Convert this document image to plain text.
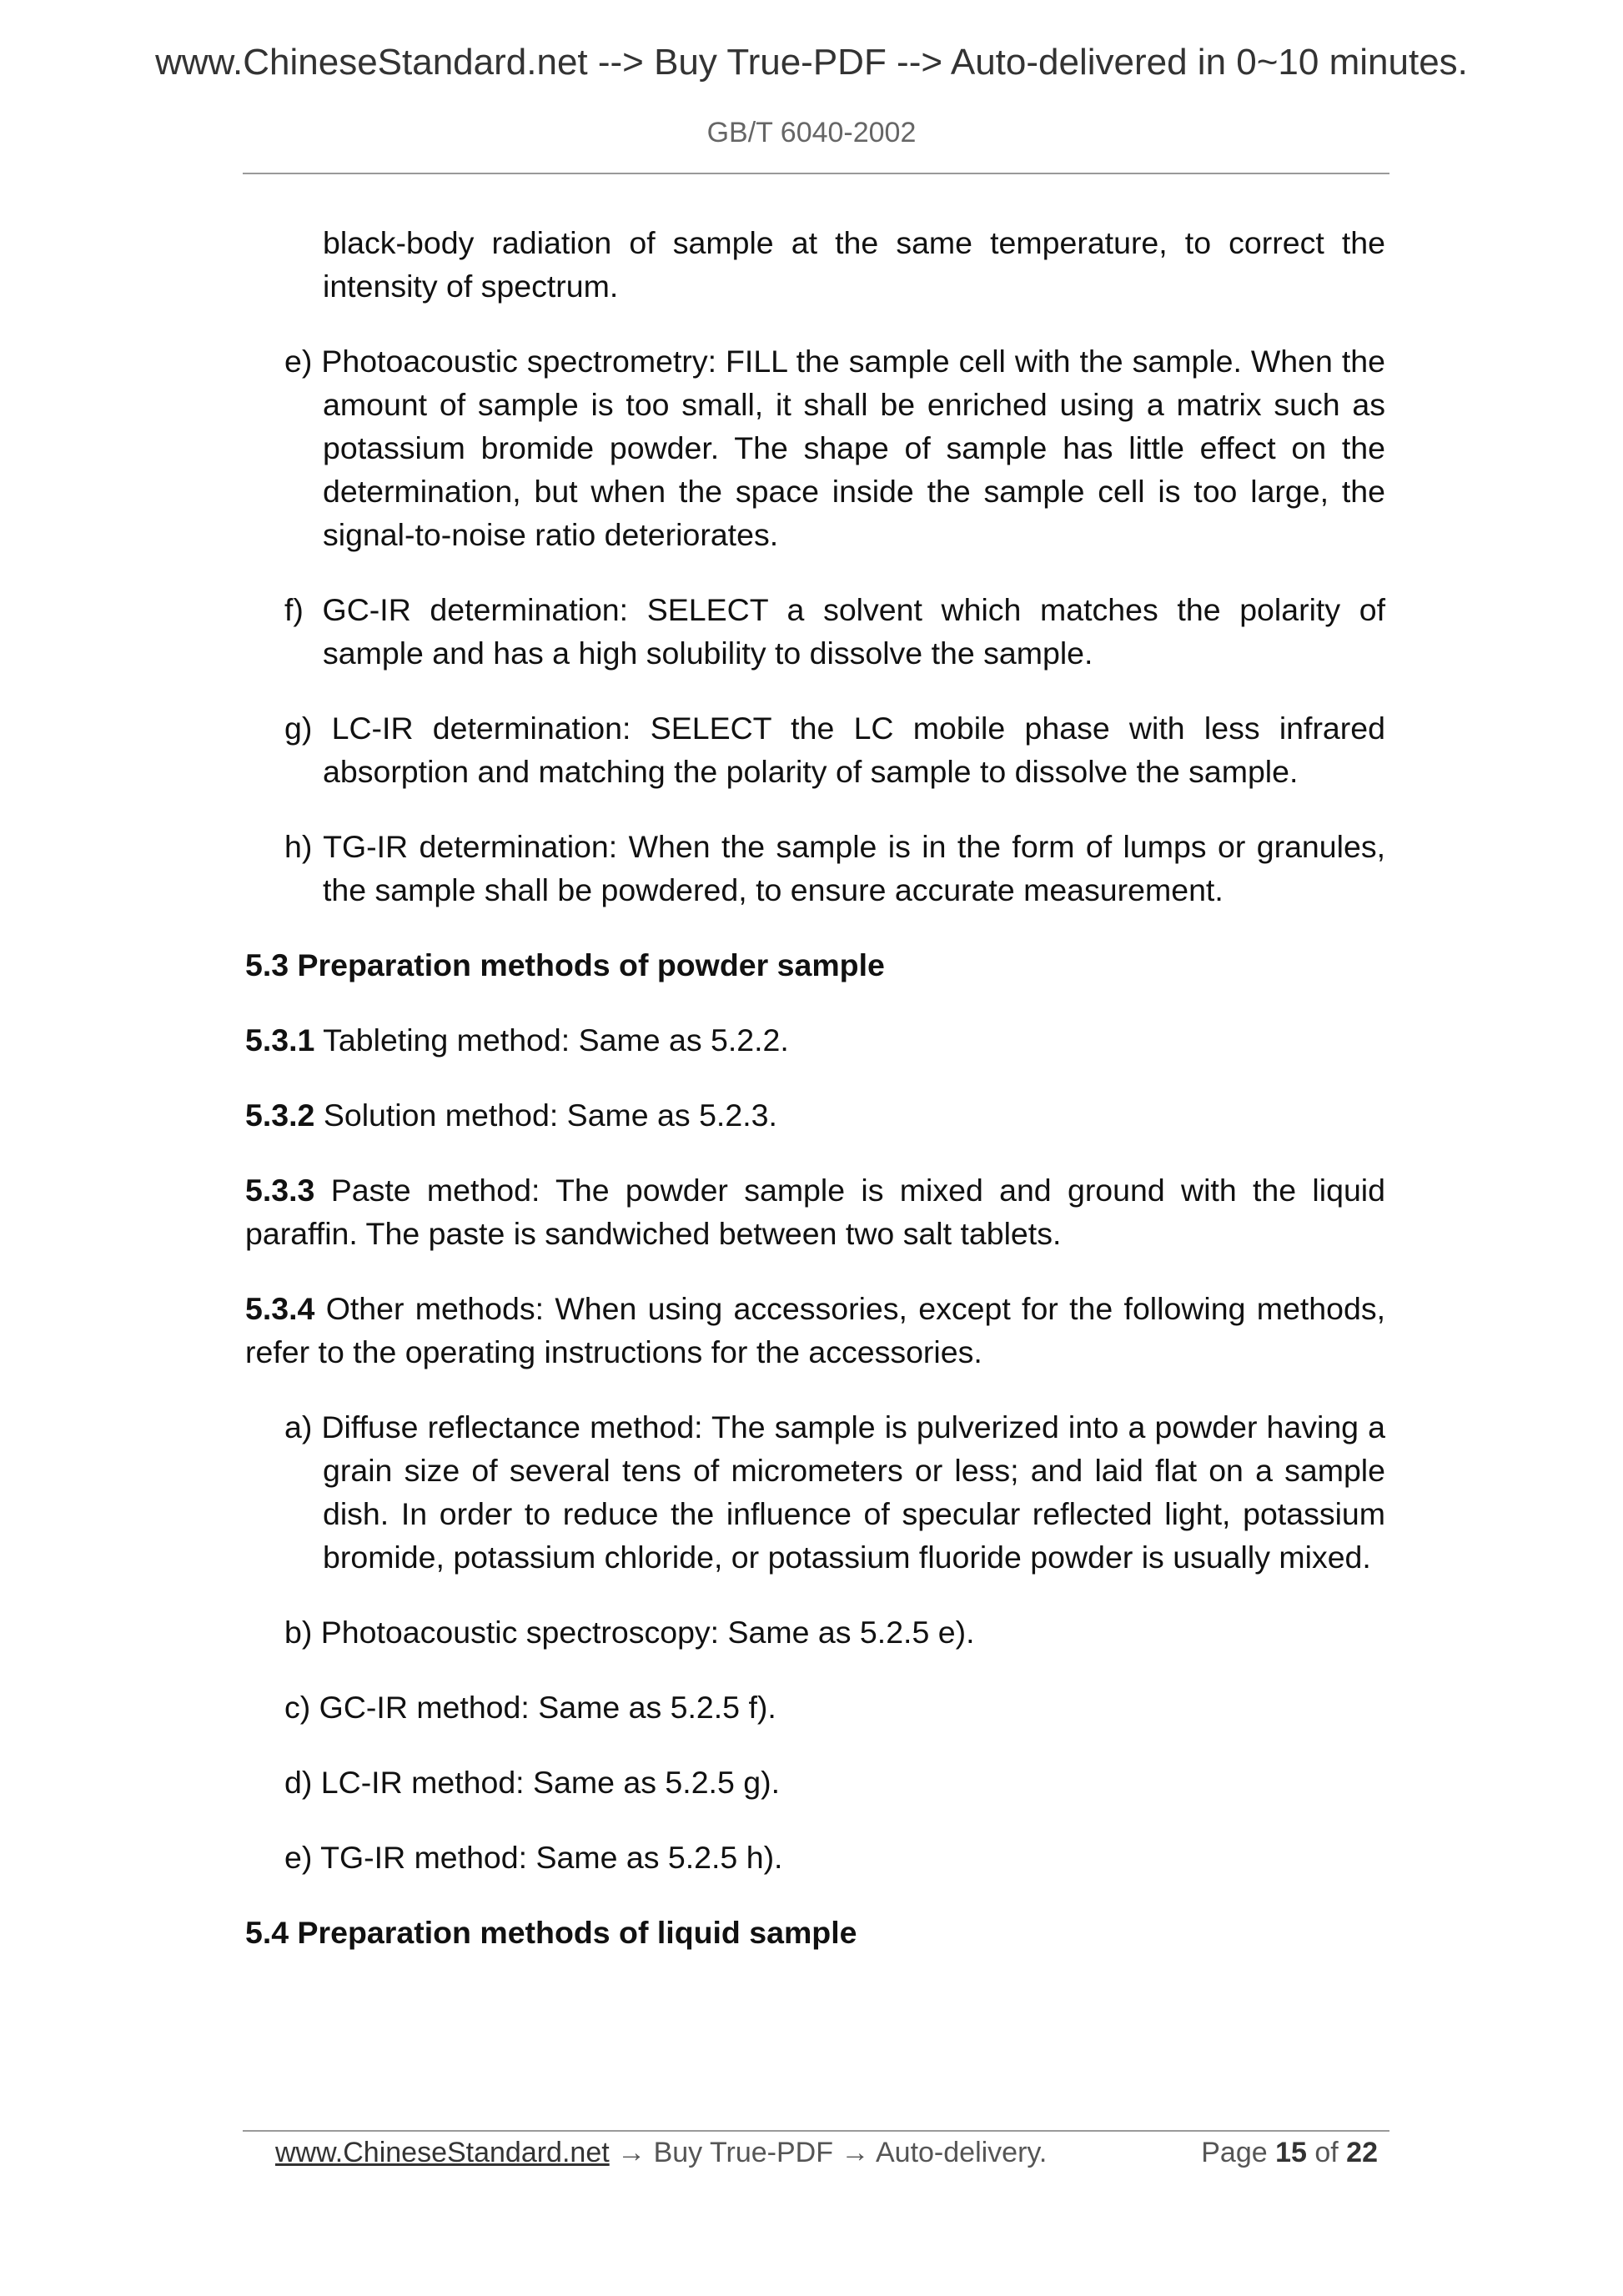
www.ChineseStandard.net --> Buy True-PDF --> Auto-delivered in 0~10 minutes.
GB/T 6040-2002

black-body radiation of sample at the same temperature, to correct the intensity of spectrum.

e) Photoacoustic spectrometry: FILL the sample cell with the sample. When the amount of sample is too small, it shall be enriched using a matrix such as potassium bromide powder. The shape of sample has little effect on the determination, but when the space inside the sample cell is too large, the signal-to-noise ratio deteriorates.

f) GC-IR determination: SELECT a solvent which matches the polarity of sample and has a high solubility to dissolve the sample.

g) LC-IR determination: SELECT the LC mobile phase with less infrared absorption and matching the polarity of sample to dissolve the sample.

h) TG-IR determination: When the sample is in the form of lumps or granules, the sample shall be powdered, to ensure accurate measurement.

5.3 Preparation methods of powder sample

5.3.1 Tableting method: Same as 5.2.2.

5.3.2 Solution method: Same as 5.2.3.

5.3.3 Paste method: The powder sample is mixed and ground with the liquid paraffin. The paste is sandwiched between two salt tablets.

5.3.4 Other methods: When using accessories, except for the following methods, refer to the operating instructions for the accessories.

a) Diffuse reflectance method: The sample is pulverized into a powder having a grain size of several tens of micrometers or less; and laid flat on a sample dish. In order to reduce the influence of specular reflected light, potassium bromide, potassium chloride, or potassium fluoride powder is usually mixed.

b) Photoacoustic spectroscopy: Same as 5.2.5 e).

c) GC-IR method: Same as 5.2.5 f).

d) LC-IR method: Same as 5.2.5 g).

e) TG-IR method: Same as 5.2.5 h).

5.4 Preparation methods of liquid sample

www.ChineseStandard.net → Buy True-PDF → Auto-delivery.	Page 15 of 22
